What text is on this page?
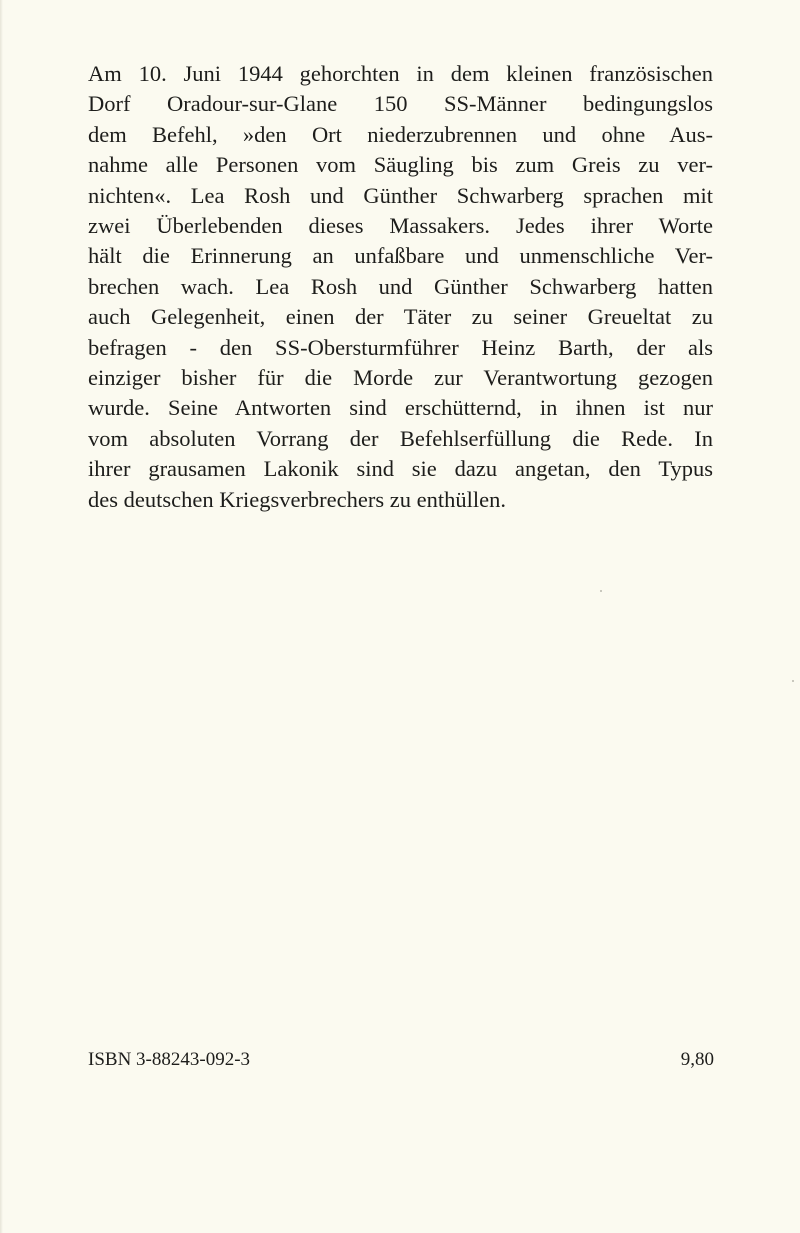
Am 10. Juni 1944 gehorchten in dem kleinen französischen
Dorf Oradour-sur-Glane 150 SS-Männer bedingungslos
dem Befehl, »den Ort niederzubrennen und ohne Aus-
nahme alle Personen vom Säugling bis zum Greis zu ver-
nichten«. Lea Rosh und Günther Schwarberg sprachen mit
zwei Überlebenden dieses Massakers. Jedes ihrer Worte
hält die Erinnerung an unfaßbare und unmenschliche Ver-
brechen wach. Lea Rosh und Günther Schwarberg hatten
auch Gelegenheit, einen der Täter zu seiner Greueltat zu
befragen - den SS-Obersturmführer Heinz Barth, der als
einziger bisher für die Morde zur Verantwortung gezogen
wurde. Seine Antworten sind erschütternd, in ihnen ist nur
vom absoluten Vorrang der Befehlserfüllung die Rede. In
ihrer grausamen Lakonik sind sie dazu angetan, den Typus
des deutschen Kriegsverbrechers zu enthüllen.

ISBN 3-88243-092-3	9,80
